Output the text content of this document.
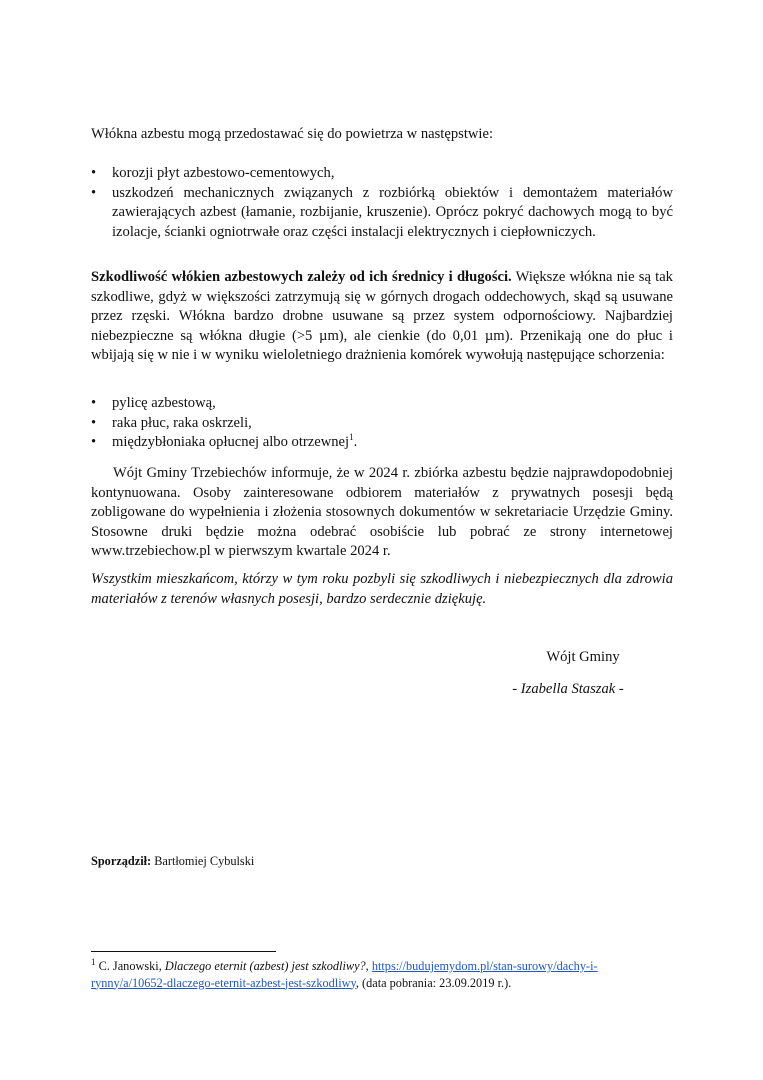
Włókna azbestu mogą przedostawać się do powietrza w następstwie:

•	korozji płyt azbestowo-cementowych,
•	uszkodzeń mechanicznych związanych z rozbiórką obiektów i demontażem materiałów zawierających azbest (łamanie, rozbijanie, kruszenie). Oprócz pokryć dachowych mogą to być izolacje, ścianki ogniotrwałe oraz części instalacji elektrycznych i ciepłowniczych.

Szkodliwość włókien azbestowych zależy od ich średnicy i długości. Większe włókna nie są tak szkodliwe, gdyż w większości zatrzymują się w górnych drogach oddechowych, skąd są usuwane przez rzęski. Włókna bardzo drobne usuwane są przez system odpornościowy. Najbardziej niebezpieczne są włókna długie (>5 µm), ale cienkie (do 0,01 µm). Przenikają one do płuc i wbijają się w nie i w wyniku wieloletniego drażnienia komórek wywołują następujące schorzenia:

•	pylicę azbestową,
•	raka płuc, raka oskrzeli,
•	międzybłoniaka opłucnej albo otrzewnej$^1$.

Wójt Gminy Trzebiechów informuje, że w 2024 r. zbiórka azbestu będzie najprawdopodobniej kontynuowana. Osoby zainteresowane odbiorem materiałów z prywatnych posesji będą zobligowane do wypełnienia i złożenia stosownych dokumentów w sekretariacie Urzędzie Gminy. Stosowne druki będzie można odebrać osobiście lub pobrać ze strony internetowej www.trzebiechow.pl w pierwszym kwartale 2024 r.

Wszystkim mieszkańcom, którzy w tym roku pozbyli się szkodliwych i niebezpiecznych dla zdrowia materiałów z terenów własnych posesji, bardzo serdecznie dziękuję.

Wójt Gminy

- Izabella Staszak -

Sporządził: Bartłomiej Cybulski

$^1$ C. Janowski, Dlaczego eternit (azbest) jest szkodliwy?, https://budujemydom.pl/stan-surowy/dachy-i-rynny/a/10652-dlaczego-eternit-azbest-jest-szkodliwy, (data pobrania: 23.09.2019 r.).
